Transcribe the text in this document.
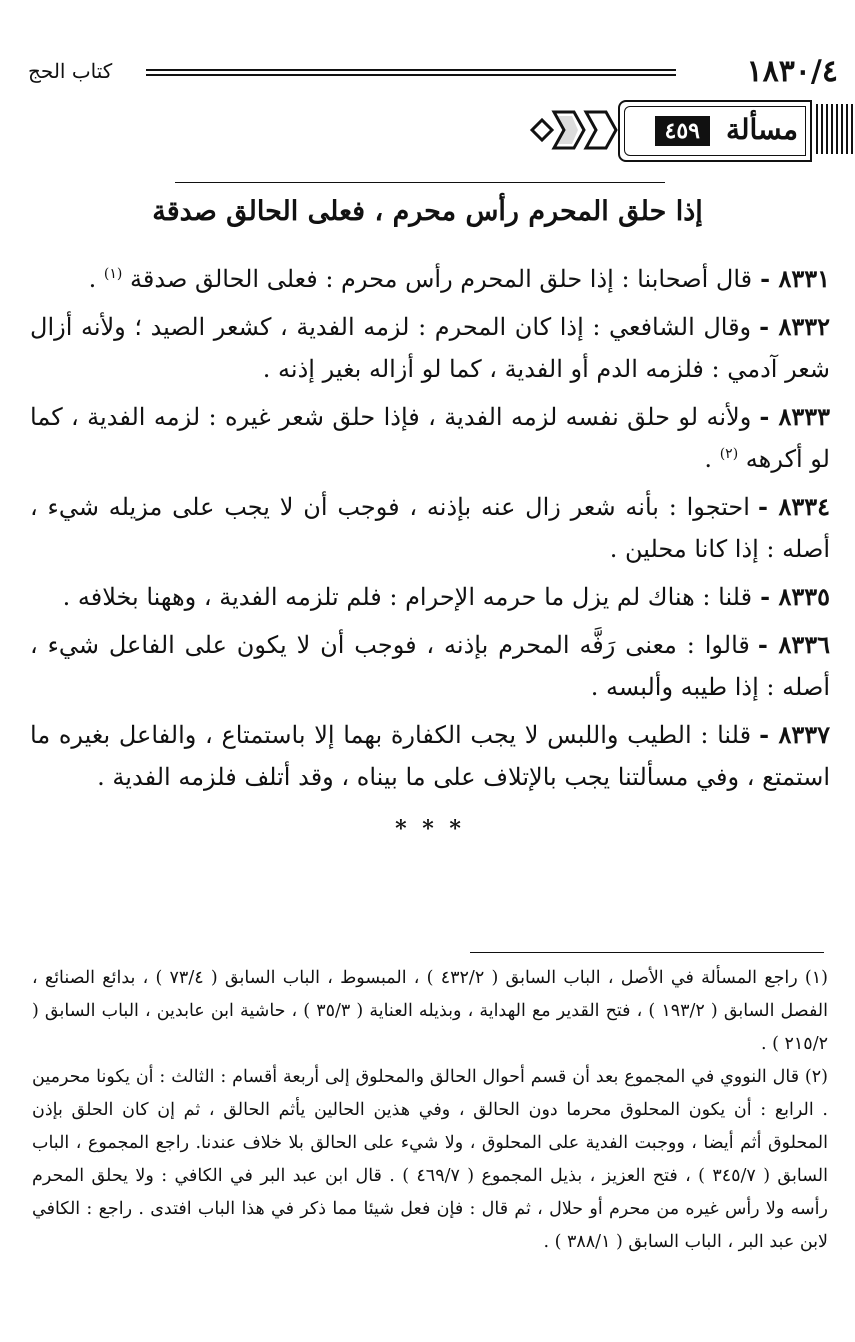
١٨٣٠/٤
كتاب الحج
مسألة
٤٥٩
إذا حلق المحرم رأس محرم ، فعلى الحالق صدقة

٨٣٣١ -قال أصحابنا : إذا حلق المحرم رأس محرم : فعلى الحالق صدقة $^{(١)}$ .

٨٣٣٢ -وقال الشافعي : إذا كان المحرم : لزمه الفدية ، كشعر الصيد ؛ ولأنه أزال شعر آدمي : فلزمه الدم أو الفدية ، كما لو أزاله بغير إذنه .

٨٣٣٣ -ولأنه لو حلق نفسه لزمه الفدية ، فإذا حلق شعر غيره : لزمه الفدية ، كما لو أكرهه $^{(٢)}$ .

٨٣٣٤ -احتجوا : بأنه شعر زال عنه بإذنه ، فوجب أن لا يجب على مزيله شيء ، أصله : إذا كانا محلين .

٨٣٣٥ -قلنا : هناك لم يزل ما حرمه الإحرام : فلم تلزمه الفدية ، وههنا بخلافه .

٨٣٣٦ -قالوا : معنى رَفَّه المحرم بإذنه ، فوجب أن لا يكون على الفاعل شيء ، أصله : إذا طيبه وألبسه .

٨٣٣٧ -قلنا : الطيب واللبس لا يجب الكفارة بهما إلا باستمتاع ، والفاعل بغيره ما استمتع ، وفي مسألتنا يجب بالإتلاف على ما بيناه ، وقد أتلف فلزمه الفدية .

* * *

(١) راجع المسألة في الأصل ، الباب السابق ( ٤٣٢/٢ ) ، المبسوط ، الباب السابق ( ٧٣/٤ ) ، بدائع الصنائع ، الفصل السابق ( ١٩٣/٢ ) ، فتح القدير مع الهداية ، وبذيله العناية ( ٣٥/٣ ) ، حاشية ابن عابدين ، الباب السابق ( ٢١٥/٢ ) .

(٢) قال النووي في المجموع بعد أن قسم أحوال الحالق والمحلوق إلى أربعة أقسام : الثالث : أن يكونا محرمين . الرابع : أن يكون المحلوق محرما دون الحالق ، وفي هذين الحالين يأثم الحالق ، ثم إن كان الحلق بإذن المحلوق أثم أيضا ، ووجبت الفدية على المحلوق ، ولا شيء على الحالق بلا خلاف عندنا. راجع المجموع ، الباب السابق ( ٣٤٥/٧ ) ، فتح العزيز ، بذيل المجموع ( ٤٦٩/٧ ) . قال ابن عبد البر في الكافي : ولا يحلق المحرم رأسه ولا رأس غيره من محرم أو حلال ، ثم قال : فإن فعل شيئا مما ذكر في هذا الباب افتدى . راجع : الكافي لابن عبد البر ، الباب السابق ( ٣٨٨/١ ) .
